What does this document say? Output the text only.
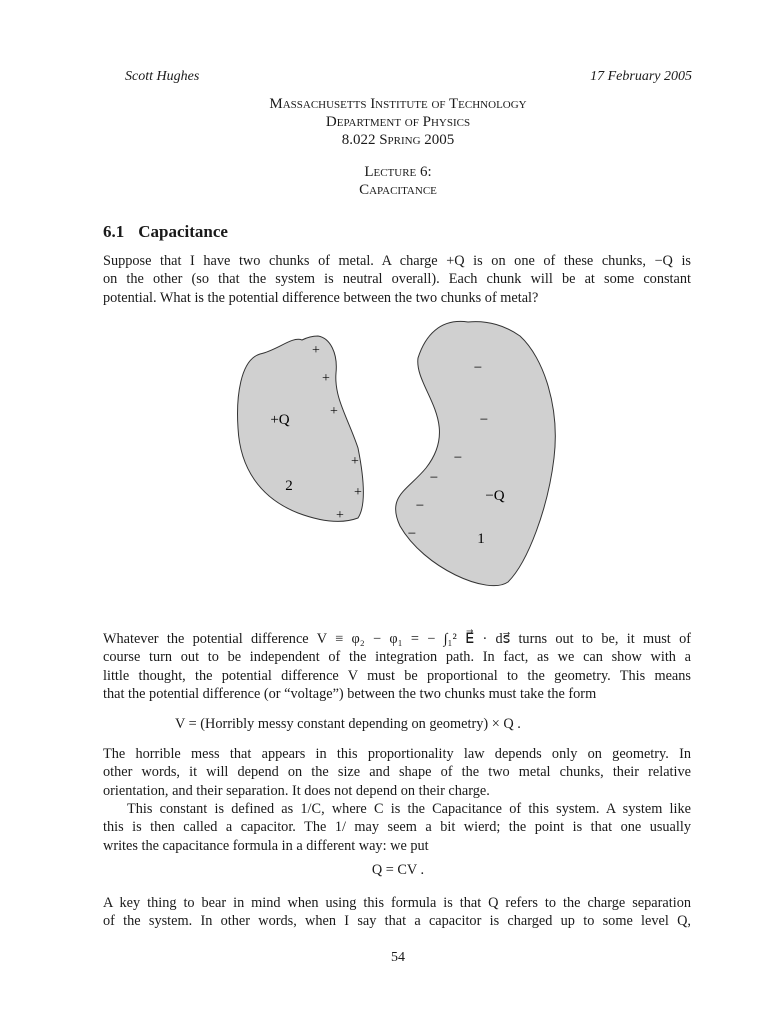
Scott Hughes	17 February 2005
Massachusetts Institute of Technology
Department of Physics
8.022 Spring 2005
Lecture 6:
Capacitance
6.1 Capacitance
Suppose that I have two chunks of metal. A charge +Q is on one of these chunks, −Q is
on the other (so that the system is neutral overall). Each chunk will be at some constant
potential. What is the potential difference between the two chunks of metal?
+
+
+
+
+
+
+Q
2
−
−
−
−
−
−
−Q
1
Whatever the potential difference V ≡ φ₂ − φ₁ = − ∫₁² E⃗ · ds⃗ turns out to be, it must of
course turn out to be independent of the integration path. In fact, as we can show with a
little thought, the potential difference V must be proportional to the geometry. This means
that the potential difference (or “voltage”) between the two chunks must take the form
V = (Horribly messy constant depending on geometry) × Q .
The horrible mess that appears in this proportionality law depends only on geometry. In
other words, it will depend on the size and shape of the two metal chunks, their relative
orientation, and their separation. It does not depend on their charge.
This constant is defined as 1/C, where C is the Capacitance of this system. A system like
this is then called a capacitor. The 1/ may seem a bit wierd; the point is that one usually
writes the capacitance formula in a different way: we put
Q = CV .
A key thing to bear in mind when using this formula is that Q refers to the charge separation
of the system. In other words, when I say that a capacitor is charged up to some level Q,
54
